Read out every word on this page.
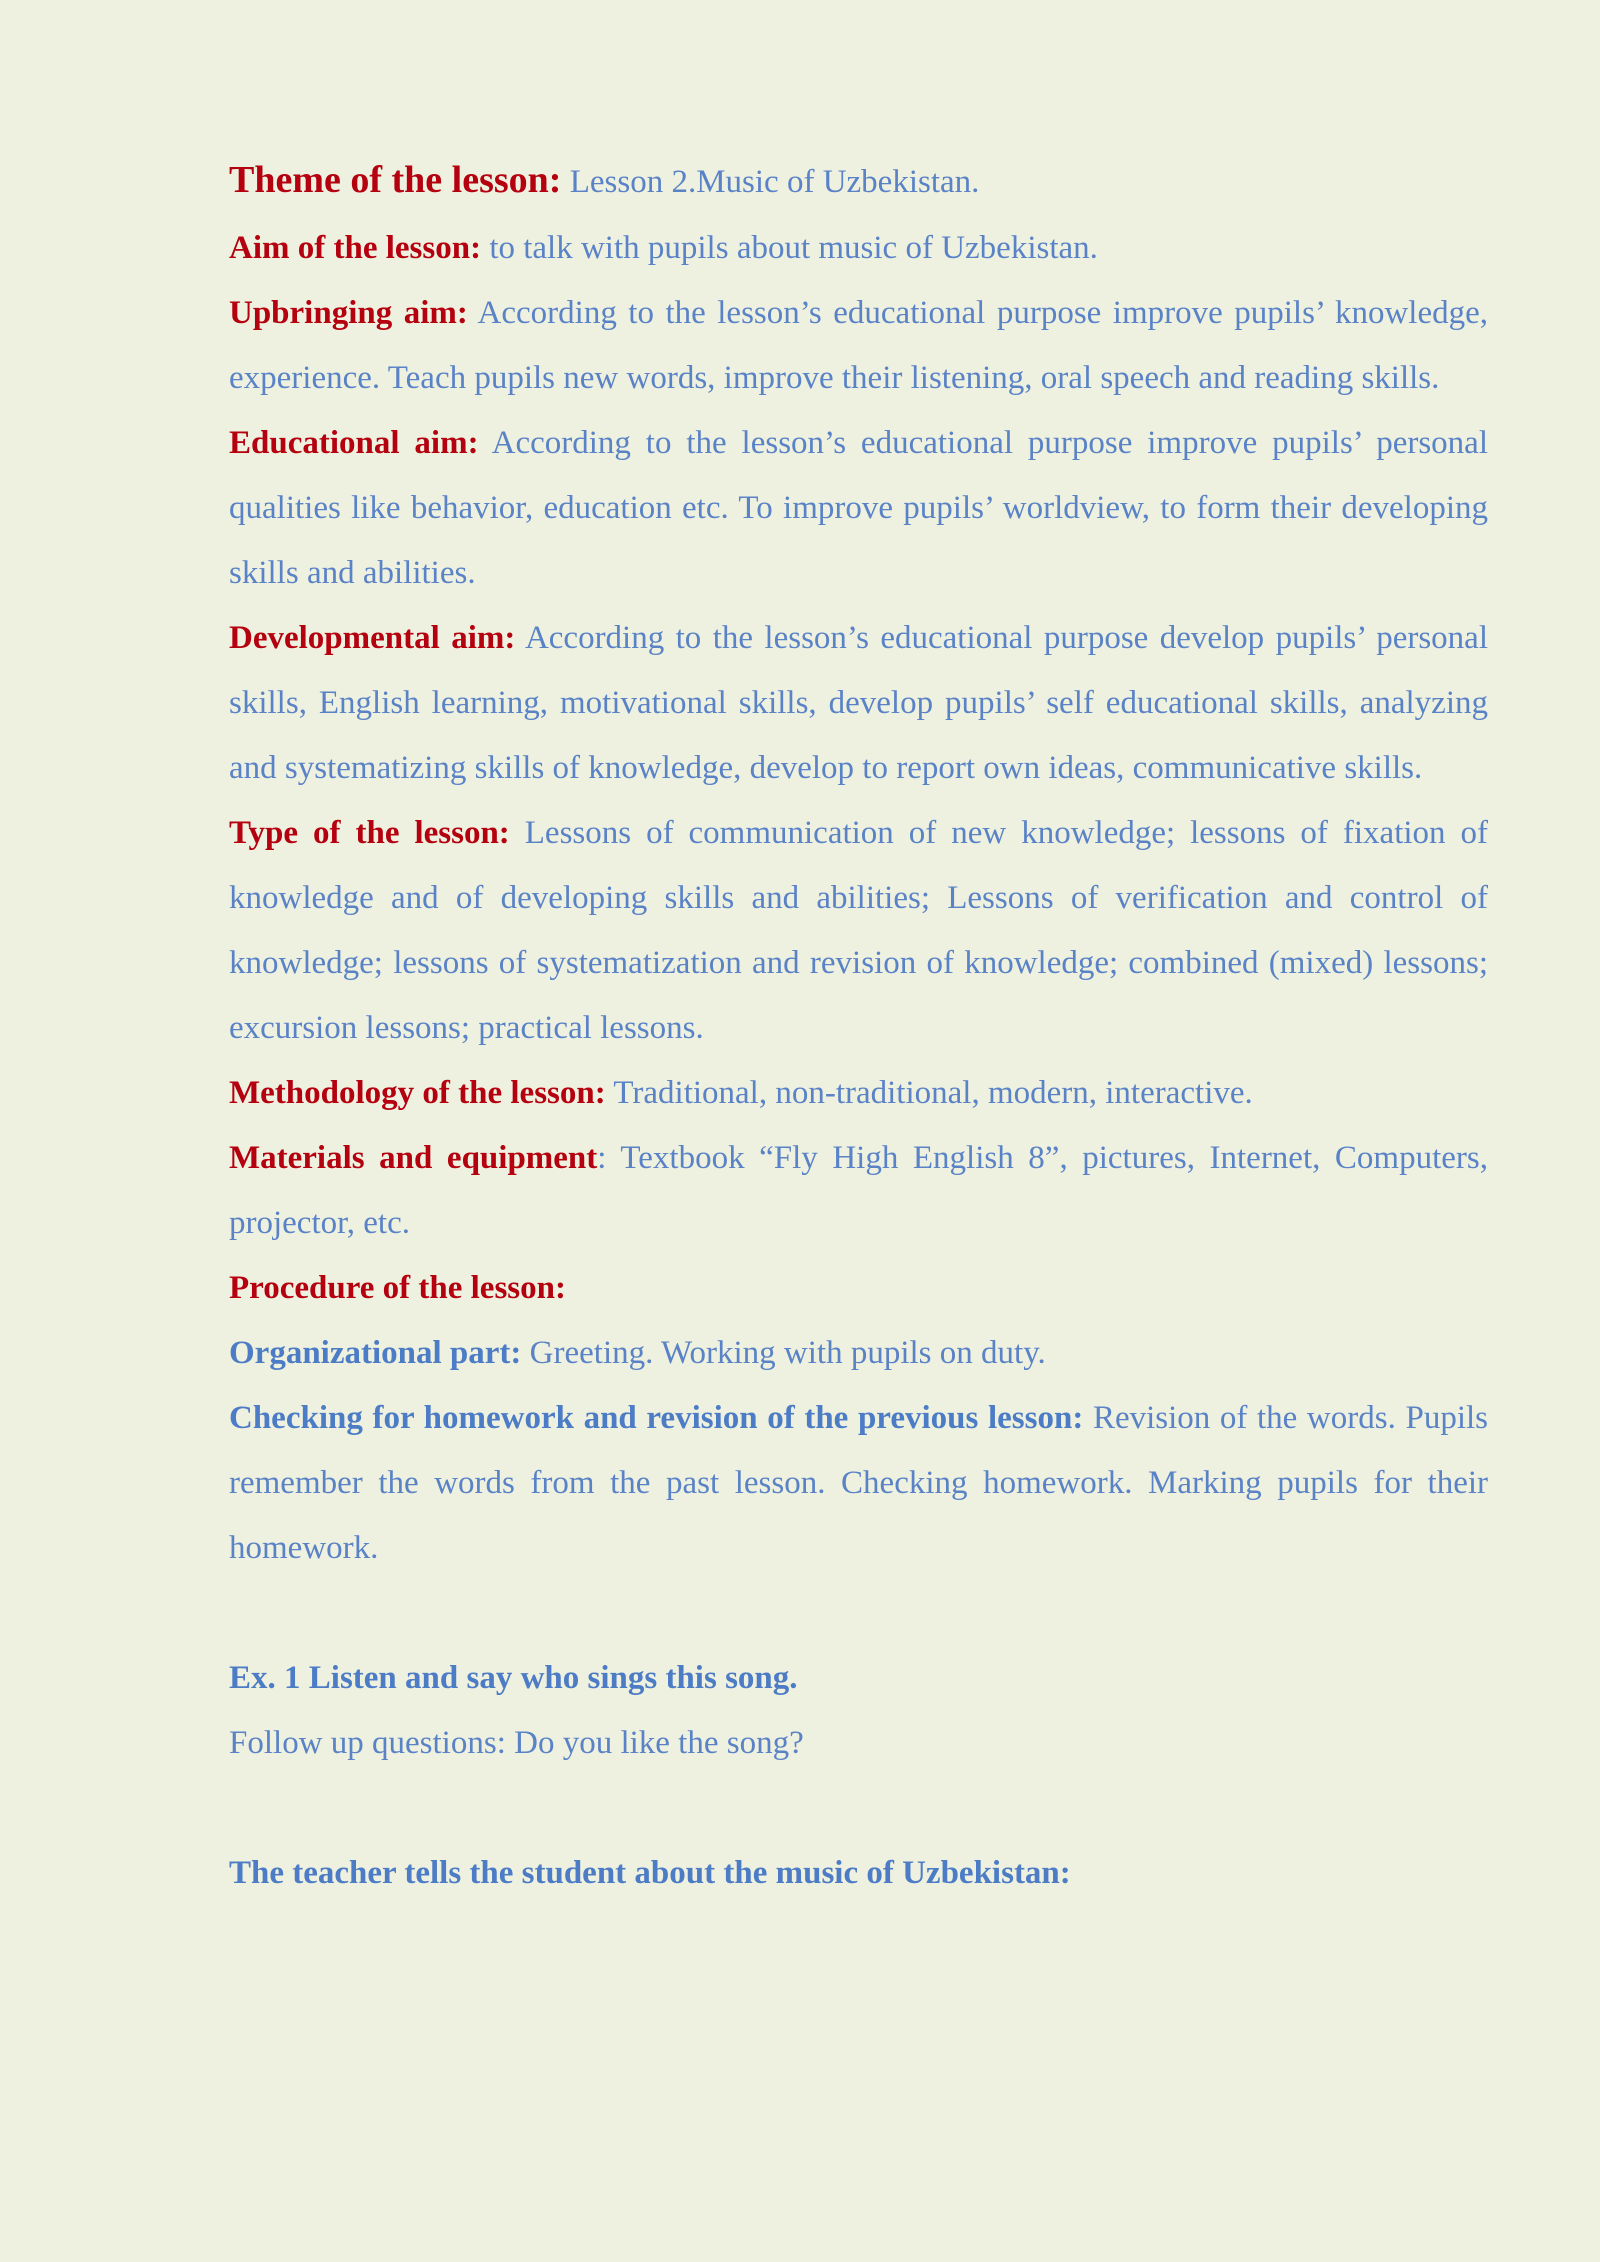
Theme of the lesson: Lesson 2.Music of Uzbekistan.

Aim of the lesson: to talk with pupils about music of Uzbekistan.

Upbringing aim: According to the lesson’s educational purpose improve pupils’ knowledge, experience. Teach pupils new words, improve their listening, oral speech and reading skills.

Educational aim: According to the lesson’s educational purpose improve pupils’ personal qualities like behavior, education etc. To improve pupils’ worldview, to form their developing skills and abilities.

Developmental aim: According to the lesson’s educational purpose develop pupils’ personal skills, English learning, motivational skills, develop pupils’ self educational skills, analyzing and systematizing skills of knowledge, develop to report own ideas, communicative skills.

Type of the lesson: Lessons of communication of new knowledge; lessons of fixation of knowledge and of developing skills and abilities; Lessons of verification and control of knowledge; lessons of systematization and revision of knowledge; combined (mixed) lessons; excursion lessons; practical lessons.

Methodology of the lesson: Traditional, non-traditional, modern, interactive.

Materials and equipment: Textbook “Fly High English 8”, pictures, Internet, Computers, projector, etc.

Procedure of the lesson:

Organizational part: Greeting. Working with pupils on duty.

Checking for homework and revision of the previous lesson: Revision of the words. Pupils remember the words from the past lesson. Checking homework. Marking pupils for their homework.

Ex. 1 Listen and say who sings this song.

Follow up questions: Do you like the song?

The teacher tells the student about the music of Uzbekistan:
